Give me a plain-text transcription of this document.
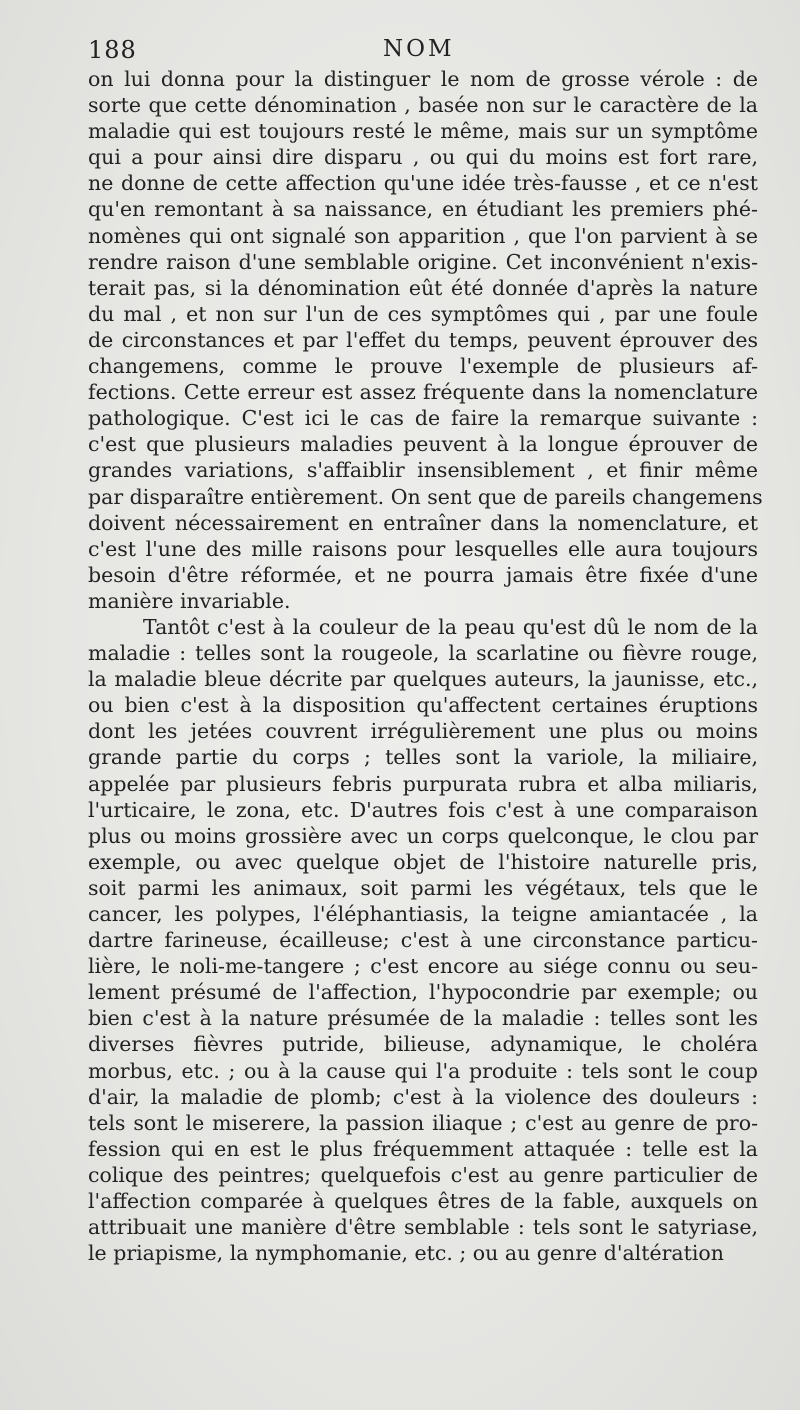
188	NOM
on lui donna pour la distinguer le nom de grosse vérole : de
sorte que cette dénomination , basée non sur le caractère de la
maladie qui est toujours resté le même, mais sur un symptôme
qui a pour ainsi dire disparu , ou qui du moins est fort rare,
ne donne de cette affection qu'une idée très-fausse , et ce n'est
qu'en remontant à sa naissance, en étudiant les premiers phé-
nomènes qui ont signalé son apparition , que l'on parvient à se
rendre raison d'une semblable origine. Cet inconvénient n'exis-
terait pas, si la dénomination eût été donnée d'après la nature
du mal , et non sur l'un de ces symptômes qui , par une foule
de circonstances et par l'effet du temps, peuvent éprouver des
changemens, comme le prouve l'exemple de plusieurs af-
fections. Cette erreur est assez fréquente dans la nomenclature
pathologique. C'est ici le cas de faire la remarque suivante :
c'est que plusieurs maladies peuvent à la longue éprouver de
grandes variations, s'affaiblir insensiblement , et finir même
par disparaître entièrement. On sent que de pareils changemens
doivent nécessairement en entraîner dans la nomenclature, et
c'est l'une des mille raisons pour lesquelles elle aura toujours
besoin d'être réformée, et ne pourra jamais être fixée d'une
manière invariable.
Tantôt c'est à la couleur de la peau qu'est dû le nom de la
maladie : telles sont la rougeole, la scarlatine ou fièvre rouge,
la maladie bleue décrite par quelques auteurs, la jaunisse, etc.,
ou bien c'est à la disposition qu'affectent certaines éruptions
dont les jetées couvrent irrégulièrement une plus ou moins
grande partie du corps ; telles sont la variole, la miliaire,
appelée par plusieurs febris purpurata rubra et alba miliaris,
l'urticaire, le zona, etc. D'autres fois c'est à une comparaison
plus ou moins grossière avec un corps quelconque, le clou par
exemple, ou avec quelque objet de l'histoire naturelle pris,
soit parmi les animaux, soit parmi les végétaux, tels que le
cancer, les polypes, l'éléphantiasis, la teigne amiantacée , la
dartre farineuse, écailleuse; c'est à une circonstance particu-
lière, le noli-me-tangere ; c'est encore au siége connu ou seu-
lement présumé de l'affection, l'hypocondrie par exemple; ou
bien c'est à la nature présumée de la maladie : telles sont les
diverses fièvres putride, bilieuse, adynamique, le choléra
morbus, etc. ; ou à la cause qui l'a produite : tels sont le coup
d'air, la maladie de plomb; c'est à la violence des douleurs :
tels sont le miserere, la passion iliaque ; c'est au genre de pro-
fession qui en est le plus fréquemment attaquée : telle est la
colique des peintres; quelquefois c'est au genre particulier de
l'affection comparée à quelques êtres de la fable, auxquels on
attribuait une manière d'être semblable : tels sont le satyriase,
le priapisme, la nymphomanie, etc. ; ou au genre d'altération
